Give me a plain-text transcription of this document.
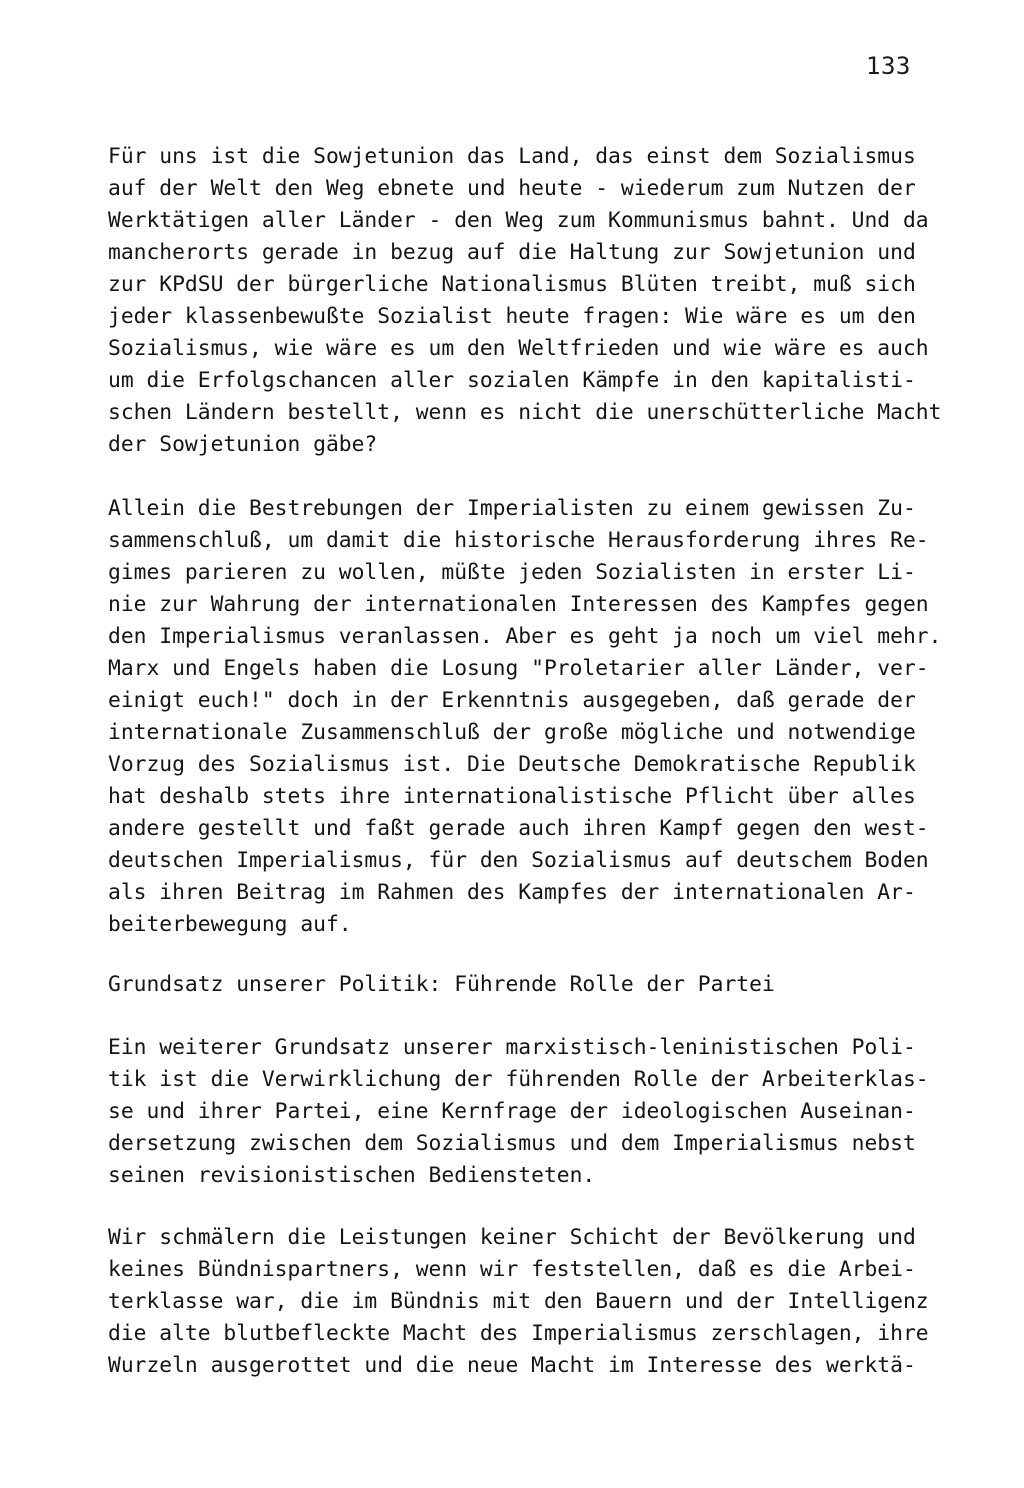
133
Für uns ist die Sowjetunion das Land, das einst dem Sozialismus
auf der Welt den Weg ebnete und heute - wiederum zum Nutzen der
Werktätigen aller Länder - den Weg zum Kommunismus bahnt. Und da
mancherorts gerade in bezug auf die Haltung zur Sowjetunion und
zur KPdSU der bürgerliche Nationalismus Blüten treibt, muß sich
jeder klassenbewußte Sozialist heute fragen: Wie wäre es um den
Sozialismus, wie wäre es um den Weltfrieden und wie wäre es auch
um die Erfolgschancen aller sozialen Kämpfe in den kapitalisti-
schen Ländern bestellt, wenn es nicht die unerschütterliche Macht
der Sowjetunion gäbe?
Allein die Bestrebungen der Imperialisten zu einem gewissen Zu-
sammenschluß, um damit die historische Herausforderung ihres Re-
gimes parieren zu wollen, müßte jeden Sozialisten in erster Li-
nie zur Wahrung der internationalen Interessen des Kampfes gegen
den Imperialismus veranlassen. Aber es geht ja noch um viel mehr.
Marx und Engels haben die Losung "Proletarier aller Länder, ver-
einigt euch!" doch in der Erkenntnis ausgegeben, daß gerade der
internationale Zusammenschluß der große mögliche und notwendige
Vorzug des Sozialismus ist. Die Deutsche Demokratische Republik
hat deshalb stets ihre internationalistische Pflicht über alles
andere gestellt und faßt gerade auch ihren Kampf gegen den west-
deutschen Imperialismus, für den Sozialismus auf deutschem Boden
als ihren Beitrag im Rahmen des Kampfes der internationalen Ar-
beiterbewegung auf.
Grundsatz unserer Politik: Führende Rolle der Partei
Ein weiterer Grundsatz unserer marxistisch-leninistischen Poli-
tik ist die Verwirklichung der führenden Rolle der Arbeiterklas-
se und ihrer Partei, eine Kernfrage der ideologischen Auseinan-
dersetzung zwischen dem Sozialismus und dem Imperialismus nebst
seinen revisionistischen Bediensteten.
Wir schmälern die Leistungen keiner Schicht der Bevölkerung und
keines Bündnispartners, wenn wir feststellen, daß es die Arbei-
terklasse war, die im Bündnis mit den Bauern und der Intelligenz
die alte blutbefleckte Macht des Imperialismus zerschlagen, ihre
Wurzeln ausgerottet und die neue Macht im Interesse des werktä-
